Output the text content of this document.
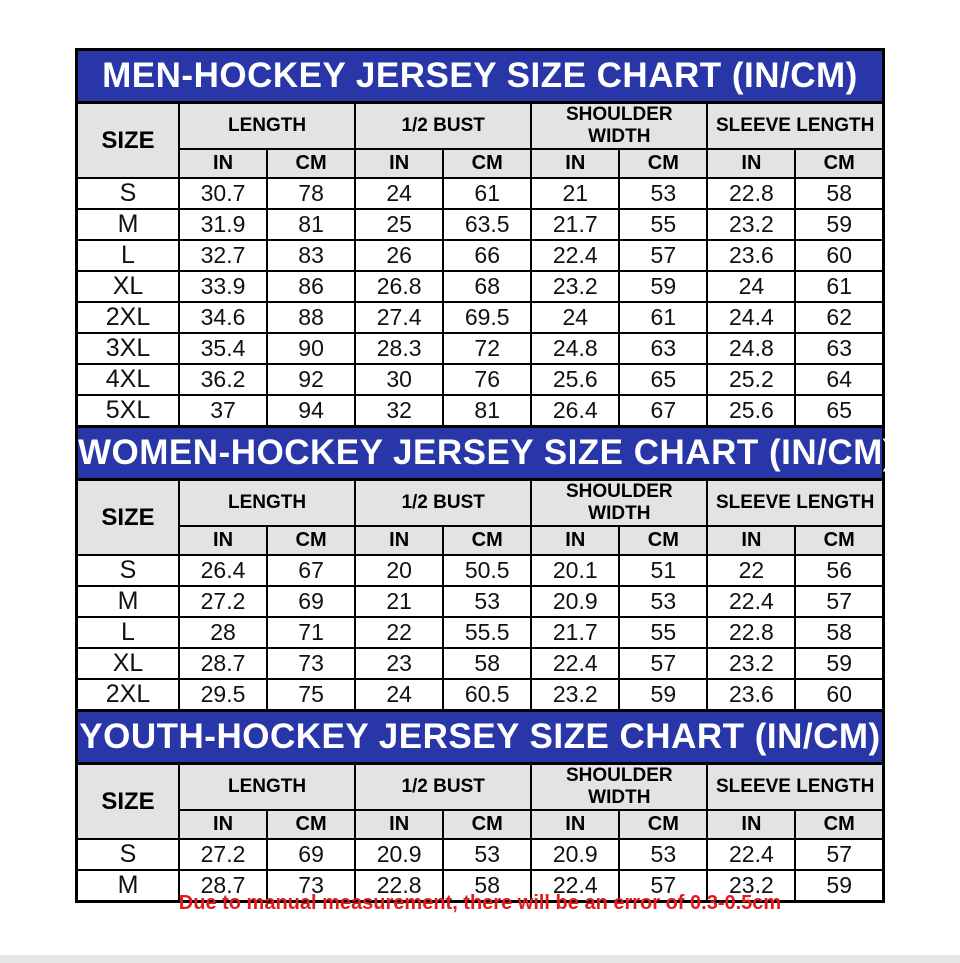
MEN-HOCKEY JERSEY SIZE CHART (IN/CM)
SIZE	LENGTH		1/2 BUST		SHOULDER WIDTH		SLEEVE LENGTH	
	IN	CM	IN	CM	IN	CM	IN	CM
S	30.7	78	24	61	21	53	22.8	58
M	31.9	81	25	63.5	21.7	55	23.2	59
L	32.7	83	26	66	22.4	57	23.6	60
XL	33.9	86	26.8	68	23.2	59	24	61
2XL	34.6	88	27.4	69.5	24	61	24.4	62
3XL	35.4	90	28.3	72	24.8	63	24.8	63
4XL	36.2	92	30	76	25.6	65	25.2	64
5XL	37	94	32	81	26.4	67	25.6	65
WOMEN-HOCKEY JERSEY SIZE CHART (IN/CM)
SIZE	LENGTH		1/2 BUST		SHOULDER WIDTH		SLEEVE LENGTH	
	IN	CM	IN	CM	IN	CM	IN	CM
S	26.4	67	20	50.5	20.1	51	22	56
M	27.2	69	21	53	20.9	53	22.4	57
L	28	71	22	55.5	21.7	55	22.8	58
XL	28.7	73	23	58	22.4	57	23.2	59
2XL	29.5	75	24	60.5	23.2	59	23.6	60
YOUTH-HOCKEY JERSEY SIZE CHART (IN/CM)
SIZE	LENGTH		1/2 BUST		SHOULDER WIDTH		SLEEVE LENGTH	
	IN	CM	IN	CM	IN	CM	IN	CM
S	27.2	69	20.9	53	20.9	53	22.4	57
M	28.7	73	22.8	58	22.4	57	23.2	59
Due to manual measurement, there will be an error of 0.3-0.5cm
